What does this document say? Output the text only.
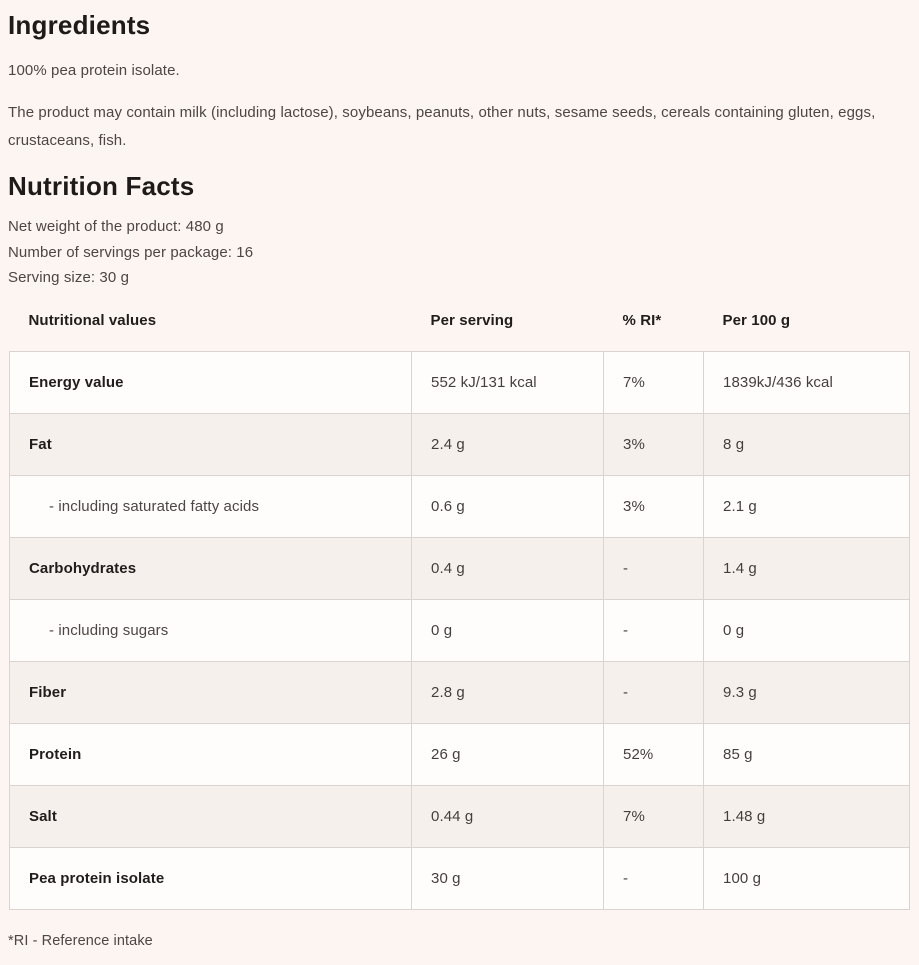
Ingredients

100% pea protein isolate.

The product may contain milk (including lactose), soybeans, peanuts, other nuts, sesame seeds, cereals containing gluten, eggs, crustaceans, fish.

Nutrition Facts

Net weight of the product: 480 g

Number of servings per package: 16

Serving size: 30 g

Nutritional values	Per serving	% RI*	Per 100 g
Energy value	552 kJ/131 kcal	7%	1839kJ/436 kcal
Fat	2.4 g	3%	8 g
- including saturated fatty acids	0.6 g	3%	2.1 g
Carbohydrates	0.4 g	-	1.4 g
- including sugars	0 g	-	0 g
Fiber	2.8 g	-	9.3 g
Protein	26 g	52%	85 g
Salt	0.44 g	7%	1.48 g
Pea protein isolate	30 g	-	100 g

*RI - Reference intake
